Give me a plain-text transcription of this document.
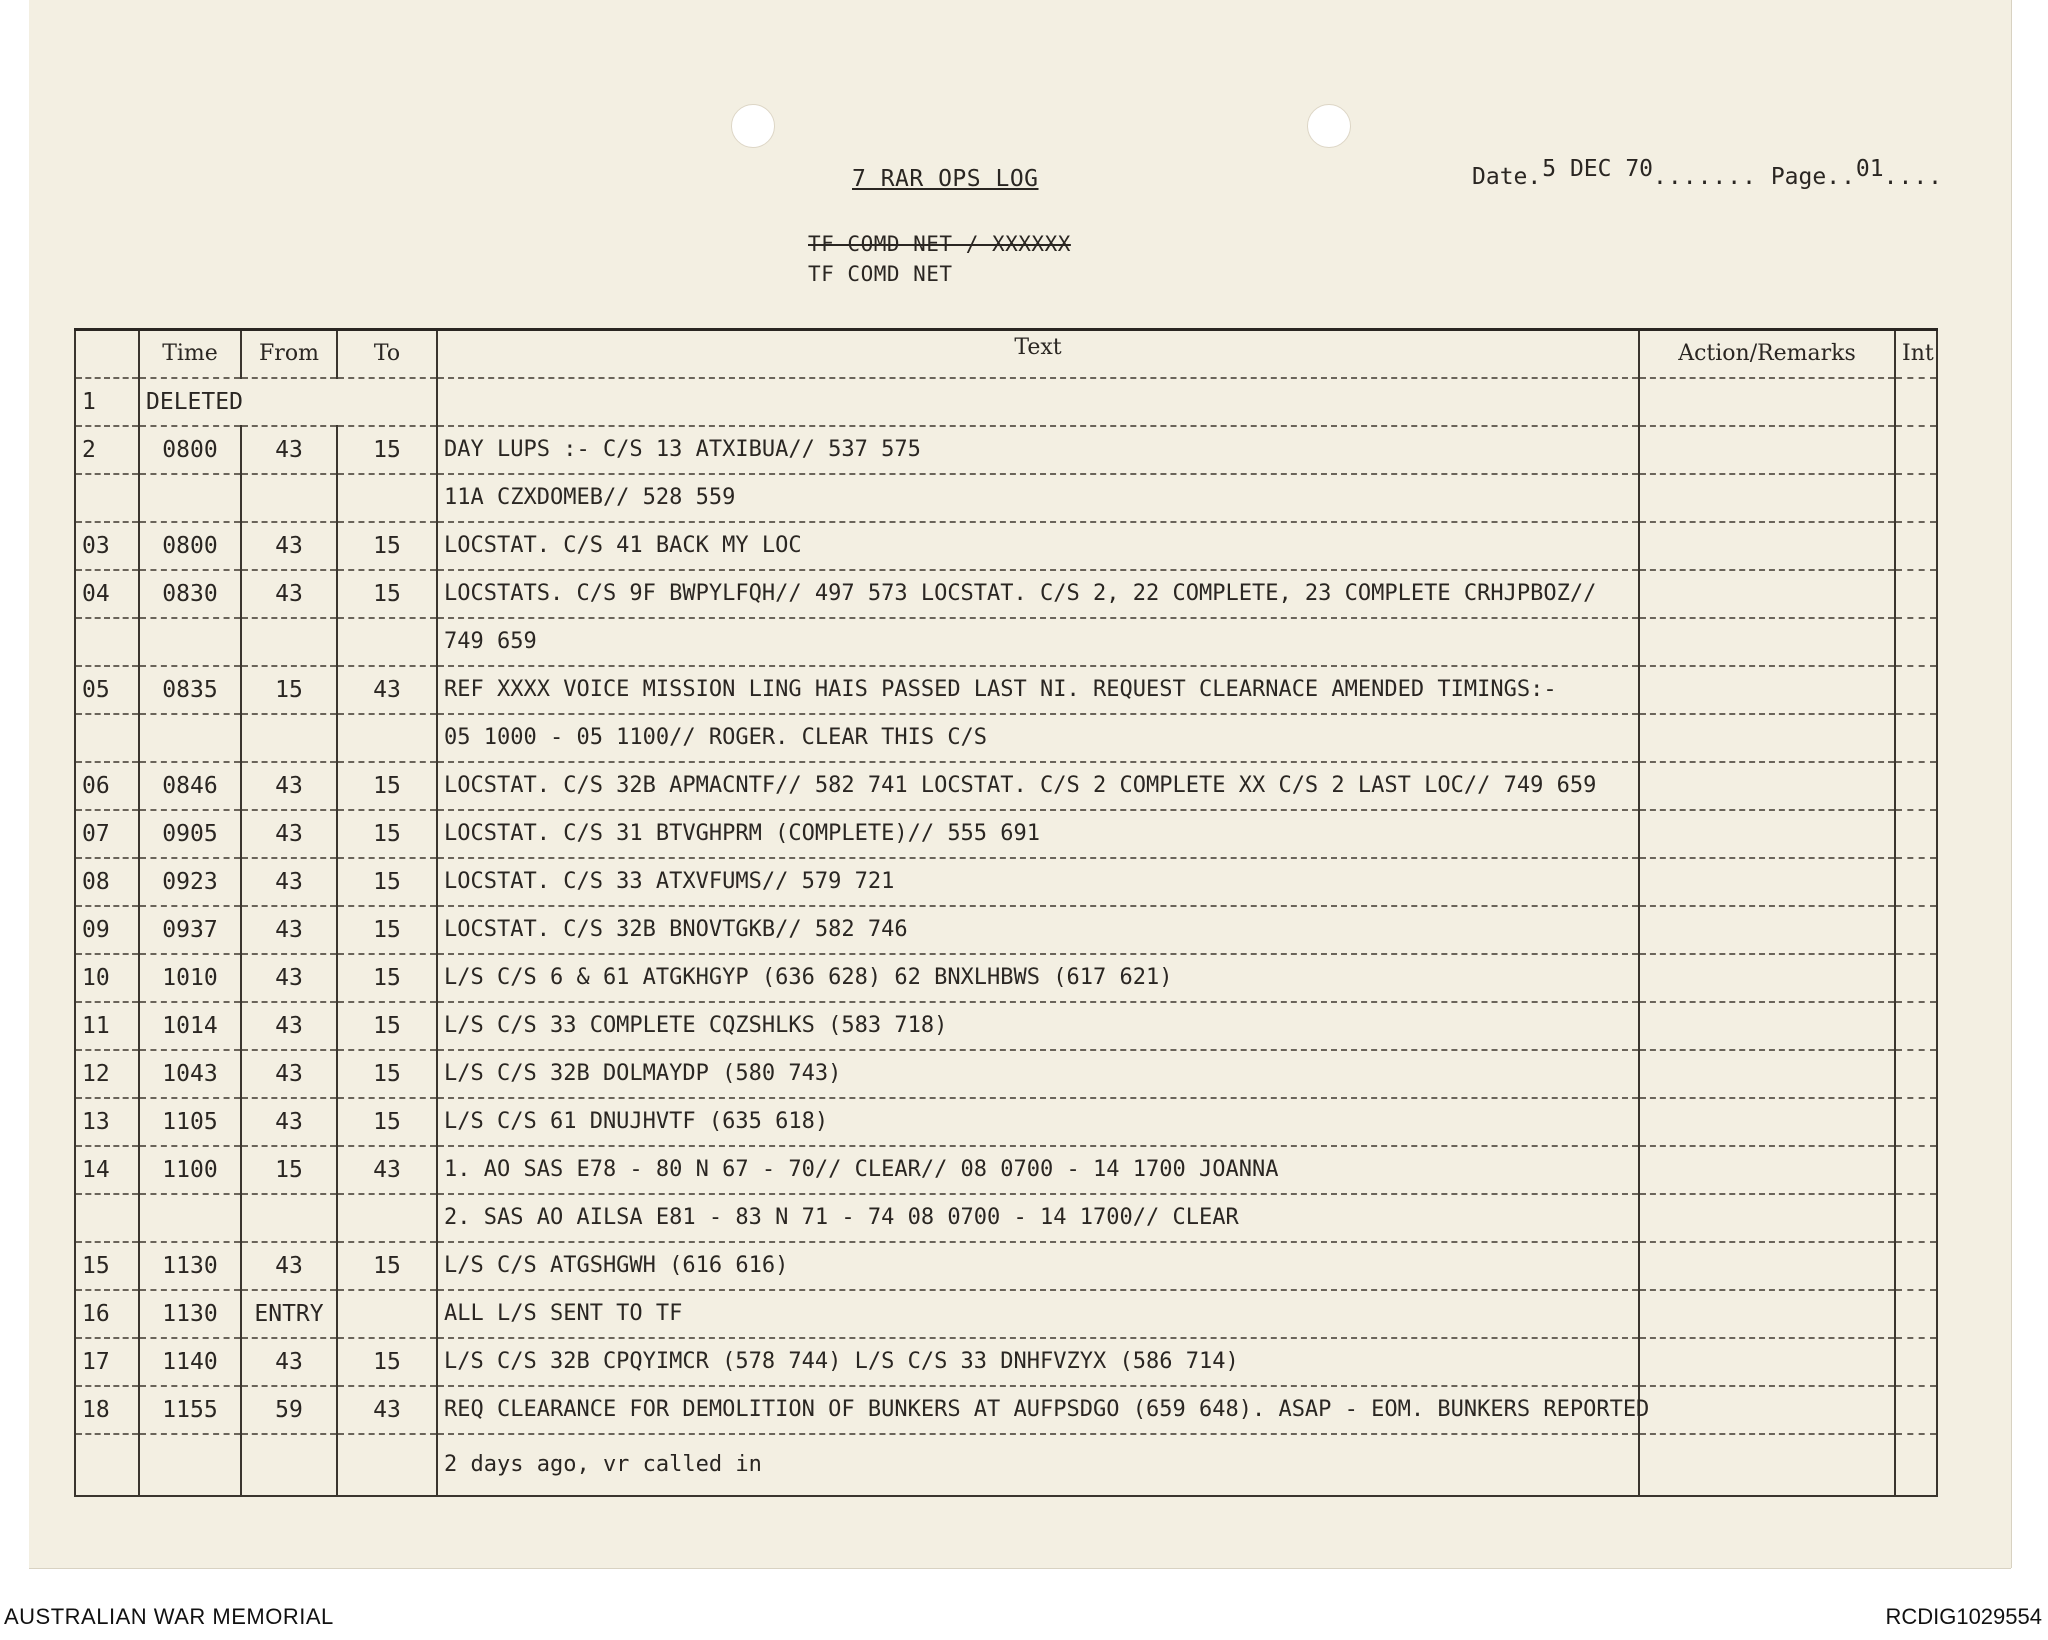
7 RAR OPS LOG	Date.5 DEC 70....... Page..01....
TF COMD NET / XXXXXX
TF COMD NET
	Time	From	To	Text	Action/Remarks	Int
1	DELETED					
2	0800	43	15	DAY LUPS :- C/S 13 ATXIBUA// 537 575		
				11A CZXDOMEB// 528 559		
03	0800	43	15	LOCSTAT. C/S 41 BACK MY LOC		
04	0830	43	15	LOCSTATS. C/S 9F BWPYLFQH// 497 573 LOCSTAT. C/S 2, 22 COMPLETE, 23 COMPLETE CRHJPBOZ//		
				749 659		
05	0835	15	43	REF XXXX VOICE MISSION LING HAIS PASSED LAST NI. REQUEST CLEARNACE AMENDED TIMINGS:-		
				05 1000 - 05 1100// ROGER. CLEAR THIS C/S		
06	0846	43	15	LOCSTAT. C/S 32B APMACNTF// 582 741 LOCSTAT. C/S 2 COMPLETE XX C/S 2 LAST LOC// 749 659		
07	0905	43	15	LOCSTAT. C/S 31 BTVGHPRM (COMPLETE)// 555 691		
08	0923	43	15	LOCSTAT. C/S 33 ATXVFUMS// 579 721		
09	0937	43	15	LOCSTAT. C/S 32B BNOVTGKB// 582 746		
10	1010	43	15	L/S C/S 6 & 61 ATGKHGYP (636 628) 62 BNXLHBWS (617 621)		
11	1014	43	15	L/S C/S 33 COMPLETE CQZSHLKS (583 718)		
12	1043	43	15	L/S C/S 32B DOLMAYDP (580 743)		
13	1105	43	15	L/S C/S 61 DNUJHVTF (635 618)		
14	1100	15	43	1. AO SAS E78 - 80 N 67 - 70// CLEAR// 08 0700 - 14 1700 JOANNA		
				2. SAS AO AILSA E81 - 83 N 71 - 74 08 0700 - 14 1700// CLEAR		
15	1130	43	15	L/S C/S ATGSHGWH (616 616)		
16	1130	ENTRY		ALL L/S SENT TO TF		
17	1140	43	15	L/S C/S 32B CPQYIMCR (578 744) L/S C/S 33 DNHFVZYX (586 714)		
18	1155	59	43	REQ CLEARANCE FOR DEMOLITION OF BUNKERS AT AUFPSDGO (659 648). ASAP - EOM. BUNKERS REPORTED		
				2 days ago, vr called in		
AUSTRALIAN WAR MEMORIAL	RCDIG1029554
